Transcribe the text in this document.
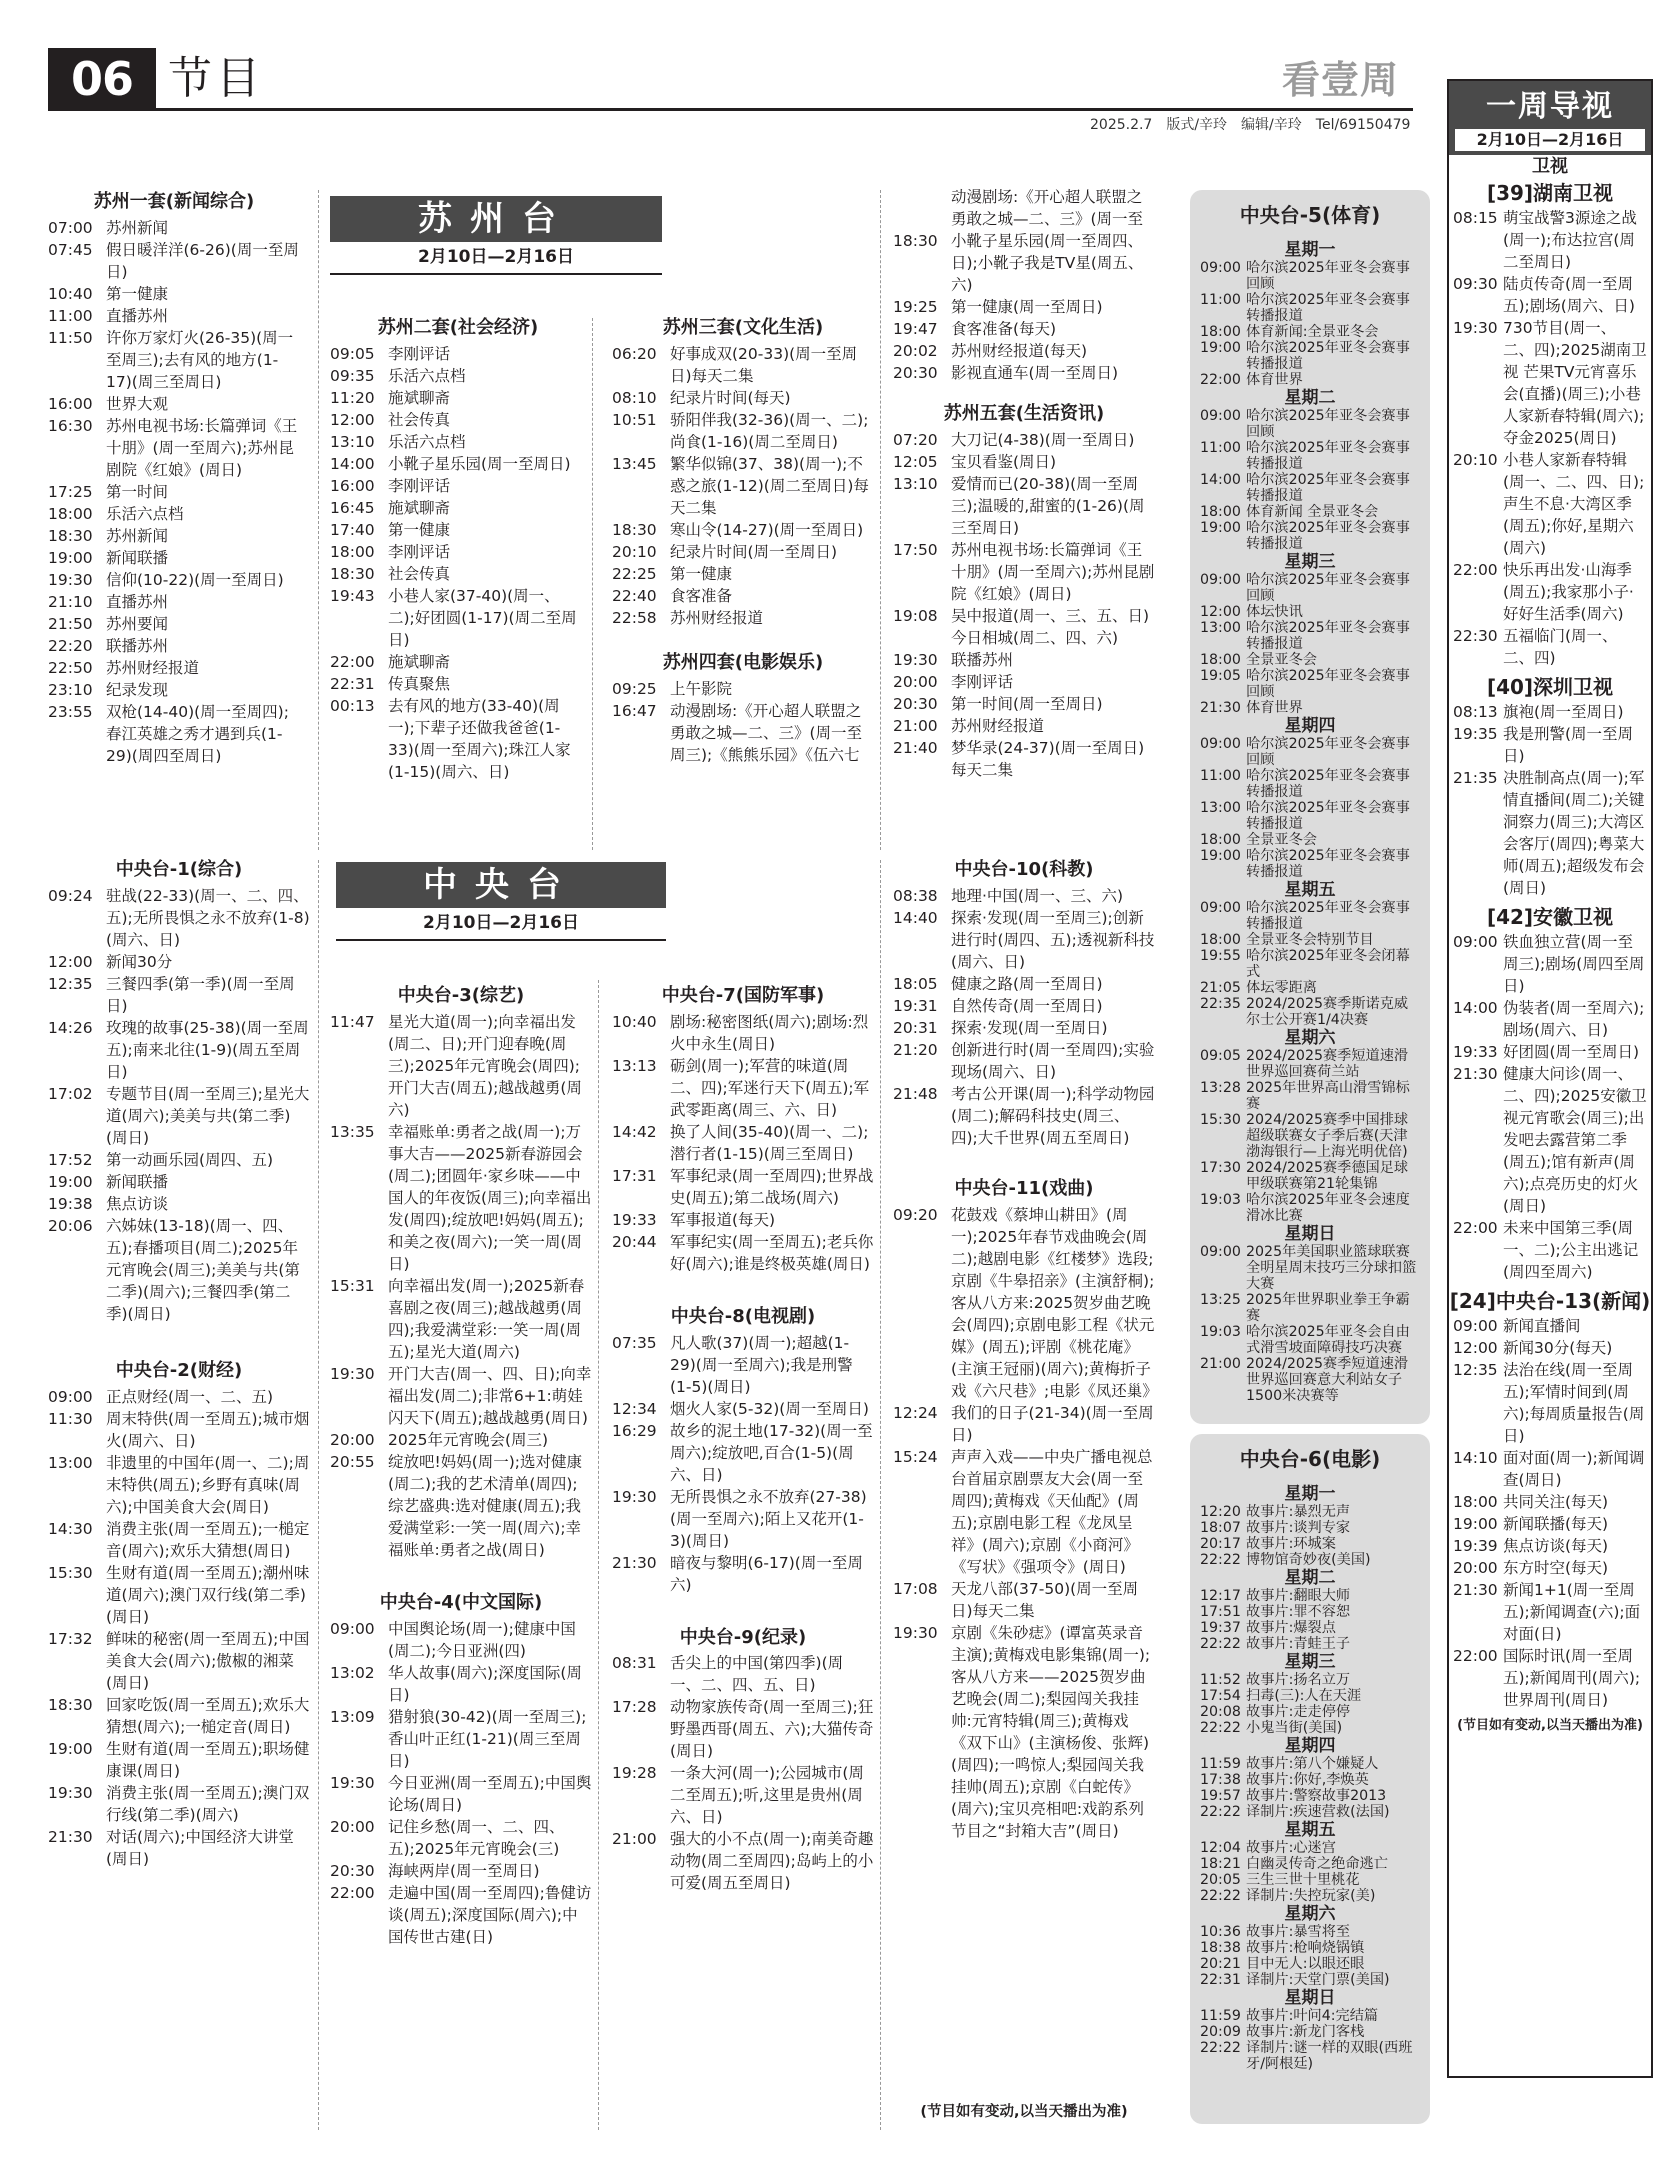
06 节目	看壹周
2025.2.7　版式/辛玲　编辑/辛玲　Tel/69150479
苏州一套(新闻综合)
07:00 苏州新闻
07:45 假日暖洋洋(6-26)(周一至周日)
10:40 第一健康
11:00 直播苏州
11:50 许你万家灯火(26-35)(周一至周三);去有风的地方(1-17)(周三至周日)
16:00 世界大观
16:30 苏州电视书场:长篇弹词《王十朋》(周一至周六);苏州昆剧院《红娘》(周日)
17:25 第一时间
18:00 乐活六点档
18:30 苏州新闻
19:00 新闻联播
19:30 信仰(10-22)(周一至周日)
21:10 直播苏州
21:50 苏州要闻
22:20 联播苏州
22:50 苏州财经报道
23:10 纪录发现
23:55 双枪(14-40)(周一至周四);春江英雄之秀才遇到兵(1-29)(周四至周日)
苏州台
2月10日—2月16日
苏州二套(社会经济)
09:05 李刚评话
09:35 乐活六点档
11:20 施斌聊斋
12:00 社会传真
13:10 乐活六点档
14:00 小靴子星乐园(周一至周日)
16:00 李刚评话
16:45 施斌聊斋
17:40 第一健康
18:00 李刚评话
18:30 社会传真
19:43 小巷人家(37-40)(周一、二);好团圆(1-17)(周二至周日)
22:00 施斌聊斋
22:31 传真聚焦
00:13 去有风的地方(33-40)(周一);下辈子还做我爸爸(1-33)(周一至周六);珠江人家(1-15)(周六、日)
苏州三套(文化生活)
06:20 好事成双(20-33)(周一至周日)每天二集
08:10 纪录片时间(每天)
10:51 骄阳伴我(32-36)(周一、二);尚食(1-16)(周二至周日)
13:45 繁华似锦(37、38)(周一);不惑之旅(1-12)(周二至周日)每天二集
18:30 寒山令(14-27)(周一至周日)
20:10 纪录片时间(周一至周日)
22:25 第一健康
22:40 食客准备
22:58 苏州财经报道
苏州四套(电影娱乐)
09:25 上午影院
16:47 动漫剧场:《开心超人联盟之勇敢之城—二、三》(周一至周三);《熊熊乐园》《伍六七
动漫剧场:《开心超人联盟之勇敢之城—二、三》(周一至
18:30 小靴子星乐园(周一至周四、日);小靴子我是TV星(周五、六)
19:25 第一健康(周一至周日)
19:47 食客准备(每天)
20:02 苏州财经报道(每天)
20:30 影视直通车(周一至周日)
苏州五套(生活资讯)
07:20 大刀记(4-38)(周一至周日)
12:05 宝贝看鉴(周日)
13:10 爱情而已(20-38)(周一至周三);温暖的,甜蜜的(1-26)(周三至周日)
17:50 苏州电视书场:长篇弹词《王十朋》(周一至周六);苏州昆剧院《红娘》(周日)
19:08 吴中报道(周一、三、五、日)今日相城(周二、四、六)
19:30 联播苏州
20:00 李刚评话
20:30 第一时间(周一至周日)
21:00 苏州财经报道
21:40 梦华录(24-37)(周一至周日)每天二集
中央台
2月10日—2月16日
中央台-1(综合)
09:24 驻战(22-33)(周一、二、四、五);无所畏惧之永不放弃(1-8)(周六、日)
12:00 新闻30分
12:35 三餐四季(第一季)(周一至周日)
14:26 玫瑰的故事(25-38)(周一至周五);南来北往(1-9)(周五至周日)
17:02 专题节目(周一至周三);星光大道(周六);美美与共(第二季)(周日)
17:52 第一动画乐园(周四、五)
19:00 新闻联播
19:38 焦点访谈
20:06 六姊妹(13-18)(周一、四、五);春播项目(周二);2025年元宵晚会(周三);美美与共(第二季)(周六);三餐四季(第二季)(周日)
中央台-2(财经)
09:00 正点财经(周一、二、五)
11:30 周末特供(周一至周五);城市烟火(周六、日)
13:00 非遗里的中国年(周一、二);周末特供(周五);乡野有真味(周六);中国美食大会(周日)
14:30 消费主张(周一至周五);一槌定音(周六);欢乐大猜想(周日)
15:30 生财有道(周一至周五);潮州味道(周六);澳门双行线(第二季)(周日)
17:32 鲜味的秘密(周一至周五);中国美食大会(周六);傲椒的湘菜(周日)
18:30 回家吃饭(周一至周五);欢乐大猜想(周六);一槌定音(周日)
19:00 生财有道(周一至周五);职场健康课(周日)
19:30 消费主张(周一至周五);澳门双行线(第二季)(周六)
21:30 对话(周六);中国经济大讲堂(周日)
中央台-3(综艺)
11:47 星光大道(周一);向幸福出发(周二、日);开门迎春晚(周三);2025年元宵晚会(周四);开门大吉(周五);越战越勇(周六)
13:35 幸福账单:勇者之战(周一);万事大吉——2025新春游园会(周二);团圆年·家乡味——中国人的年夜饭(周三);向幸福出发(周四);绽放吧!妈妈(周五);和美之夜(周六);一笑一周(周日)
15:31 向幸福出发(周一);2025新春喜剧之夜(周三);越战越勇(周四);我爱满堂彩:一笑一周(周五);星光大道(周六)
19:30 开门大吉(周一、四、日);向幸福出发(周二);非常6+1:萌娃闪天下(周五);越战越勇(周日)
20:00 2025年元宵晚会(周三)
20:55 绽放吧!妈妈(周一);选对健康(周二);我的艺术清单(周四);综艺盛典:选对健康(周五);我爱满堂彩:一笑一周(周六);幸福账单:勇者之战(周日)
中央台-4(中文国际)
09:00 中国舆论场(周一);健康中国(周二);今日亚洲(四)
13:02 华人故事(周六);深度国际(周日)
13:09 猎射狼(30-42)(周一至周三);香山叶正红(1-21)(周三至周日)
19:30 今日亚洲(周一至周五);中国舆论场(周日)
20:00 记住乡愁(周一、二、四、五);2025年元宵晚会(三)
20:30 海峡两岸(周一至周日)
22:00 走遍中国(周一至周四);鲁健访谈(周五);深度国际(周六);中国传世古建(日)
中央台-7(国防军事)
10:40 剧场:秘密图纸(周六);剧场:烈火中永生(周日)
13:13 砺剑(周一);军营的味道(周二、四);军迷行天下(周五);军武零距离(周三、六、日)
14:42 换了人间(35-40)(周一、二);潜行者(1-15)(周三至周日)
17:31 军事纪录(周一至周四);世界战史(周五);第二战场(周六)
19:33 军事报道(每天)
20:44 军事纪实(周一至周五);老兵你好(周六);谁是终极英雄(周日)
中央台-8(电视剧)
07:35 凡人歌(37)(周一);超越(1-29)(周一至周六);我是刑警(1-5)(周日)
12:34 烟火人家(5-32)(周一至周日)
16:29 故乡的泥土地(17-32)(周一至周六);绽放吧,百合(1-5)(周六、日)
19:30 无所畏惧之永不放弃(27-38)(周一至周六);陌上又花开(1-3)(周日)
21:30 暗夜与黎明(6-17)(周一至周六)
中央台-9(纪录)
08:31 舌尖上的中国(第四季)(周一、二、四、五、日)
17:28 动物家族传奇(周一至周三);狂野墨西哥(周五、六);大猫传奇(周日)
19:28 一条大河(周一);公园城市(周二至周五);听,这里是贵州(周六、日)
21:00 强大的小不点(周一);南美奇趣动物(周二至周四);岛屿上的小可爱(周五至周日)
中央台-10(科教)
08:38 地理·中国(周一、三、六)
14:40 探索·发现(周一至周三);创新进行时(周四、五);透视新科技(周六、日)
18:05 健康之路(周一至周日)
19:31 自然传奇(周一至周日)
20:31 探索·发现(周一至周日)
21:20 创新进行时(周一至周四);实验现场(周六、日)
21:48 考古公开课(周一);科学动物园(周二);解码科技史(周三、四);大千世界(周五至周日)
中央台-11(戏曲)
09:20 花鼓戏《蔡坤山耕田》(周一);2025年春节戏曲晚会(周二);越剧电影《红楼梦》选段;京剧《牛皋招亲》(主演舒桐);客从八方来:2025贺岁曲艺晚会(周四);京剧电影工程《状元媒》(周五);评剧《桃花庵》(主演王冠丽)(周六);黄梅折子戏《六尺巷》;电影《凤还巢》
12:24 我们的日子(21-34)(周一至周日)
15:24 声声入戏——中央广播电视总台首届京剧票友大会(周一至周四);黄梅戏《天仙配》(周五);京剧电影工程《龙凤呈祥》(周六);京剧《小商河》《写状》《强项令》(周日)
17:08 天龙八部(37-50)(周一至周日)每天二集
19:30 京剧《朱砂痣》(谭富英录音主演);黄梅戏电影集锦(周一);客从八方来——2025贺岁曲艺晚会(周二);梨园闯关我挂帅:元宵特辑(周三);黄梅戏《双下山》(主演杨俊、张辉)(周四);一鸣惊人;梨园闯关我挂帅(周五);京剧《白蛇传》(周六);宝贝亮相吧:戏韵系列节目之“封箱大吉”(周日)
(节目如有变动,以当天播出为准)
中央台-5(体育)
星期一
09:00 哈尔滨2025年亚冬会赛事回顾
11:00 哈尔滨2025年亚冬会赛事转播报道
18:00 体育新闻:全景亚冬会
19:00 哈尔滨2025年亚冬会赛事转播报道
22:00 体育世界
星期二
09:00 哈尔滨2025年亚冬会赛事回顾
11:00 哈尔滨2025年亚冬会赛事转播报道
14:00 哈尔滨2025年亚冬会赛事转播报道
18:00 体育新闻 全景亚冬会
19:00 哈尔滨2025年亚冬会赛事转播报道
星期三
09:00 哈尔滨2025年亚冬会赛事回顾
12:00 体坛快讯
13:00 哈尔滨2025年亚冬会赛事转播报道
18:00 全景亚冬会
19:05 哈尔滨2025年亚冬会赛事回顾
21:30 体育世界
星期四
09:00 哈尔滨2025年亚冬会赛事回顾
11:00 哈尔滨2025年亚冬会赛事转播报道
13:00 哈尔滨2025年亚冬会赛事转播报道
18:00 全景亚冬会
19:00 哈尔滨2025年亚冬会赛事转播报道
星期五
09:00 哈尔滨2025年亚冬会赛事转播报道
18:00 全景亚冬会特别节目
19:55 哈尔滨2025年亚冬会闭幕式
21:05 体坛零距离
22:35 2024/2025赛季斯诺克威尔士公开赛1/4决赛
星期六
09:05 2024/2025赛季短道速滑世界巡回赛荷兰站
13:28 2025年世界高山滑雪锦标赛
15:30 2024/2025赛季中国排球超级联赛女子季后赛(天津渤海银行—上海光明优倍)
17:30 2024/2025赛季德国足球甲级联赛第21轮集锦
19:03 哈尔滨2025年亚冬会速度滑冰比赛
星期日
09:00 2025年美国职业篮球联赛全明星周末技巧三分球扣篮大赛
13:25 2025年世界职业拳王争霸赛
19:03 哈尔滨2025年亚冬会自由式滑雪坡面障碍技巧决赛
21:00 2024/2025赛季短道速滑世界巡回赛意大利站女子1500米决赛等
中央台-6(电影)
星期一
12:20 故事片:暴烈无声
18:07 故事片:谈判专家
20:17 故事片:环城案
22:22 博物馆奇妙夜(美国)
星期二
12:17 故事片:翻眼大师
17:51 故事片:罪不容恕
19:37 故事片:爆裂点
22:22 故事片:青蛙王子
星期三
11:52 故事片:扬名立万
17:54 扫毒(三):人在天涯
20:08 故事片:走走停停
22:22 小鬼当街(美国)
星期四
11:59 故事片:第八个嫌疑人
17:38 故事片:你好,李焕英
19:57 故事片:警察故事2013
22:22 译制片:疾速营救(法国)
星期五
12:04 故事片:心迷宫
18:21 白幽灵传奇之绝命逃亡
20:05 三生三世十里桃花
22:22 译制片:失控玩家(美)
星期六
10:36 故事片:暴雪将至
18:38 故事片:枪响烧锅镇
20:21 目中无人:以眼还眼
22:31 译制片:天堂门票(美国)
星期日
11:59 故事片:叶问4:完结篇
20:09 故事片:新龙门客栈
22:22 译制片:谜一样的双眼(西班牙/阿根廷)
一周导视
2月10日—2月16日
卫视
[39]湖南卫视
08:15 萌宝战警3源途之战(周一);布达拉宫(周二至周日)
09:30 陆贞传奇(周一至周五);剧场(周六、日)
19:30 730节目(周一、二、四);2025湖南卫视 芒果TV元宵喜乐会(直播)(周三);小巷人家新春特辑(周六);夺金2025(周日)
20:10 小巷人家新春特辑(周一、二、四、日);声生不息·大湾区季(周五);你好,星期六(周六)
22:00 快乐再出发·山海季(周五);我家那小子·好好生活季(周六)
22:30 五福临门(周一、二、四)
[40]深圳卫视
08:13 旗袍(周一至周日)
19:35 我是刑警(周一至周日)
21:35 决胜制高点(周一);军情直播间(周二);关键洞察力(周三);大湾区会客厅(周四);粤菜大师(周五);超级发布会(周日)
[42]安徽卫视
09:00 铁血独立营(周一至周三);剧场(周四至周日)
14:00 伪装者(周一至周六);剧场(周六、日)
19:33 好团圆(周一至周日)
21:30 健康大问诊(周一、二、四);2025安徽卫视元宵歌会(周三);出发吧去露营第二季(周五);馆有新声(周六);点亮历史的灯火(周日)
22:00 未来中国第三季(周一、二);公主出逃记(周四至周六)
[24]中央台-13(新闻)
09:00 新闻直播间
12:00 新闻30分(每天)
12:35 法治在线(周一至周五);军情时间到(周六);每周质量报告(周日)
14:10 面对面(周一);新闻调查(周日)
18:00 共同关注(每天)
19:00 新闻联播(每天)
19:39 焦点访谈(每天)
20:00 东方时空(每天)
21:30 新闻1+1(周一至周五);新闻调查(六);面对面(日)
22:00 国际时讯(周一至周五);新闻周刊(周六);世界周刊(周日)
(节目如有变动,以当天播出为准)
